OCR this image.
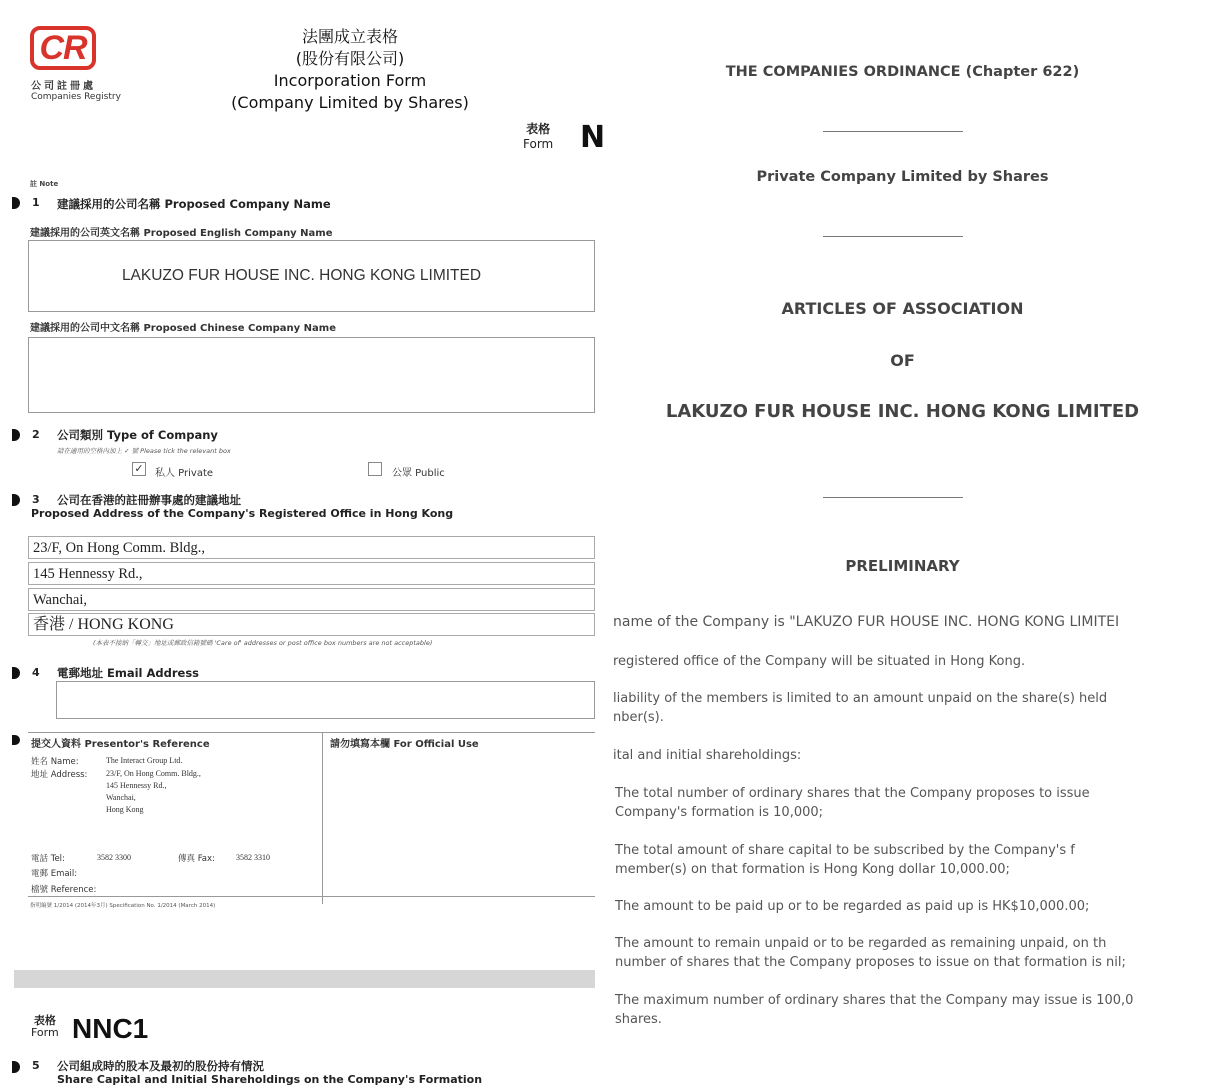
CR
公司註冊處
Companies Registry
法團成立表格
(股份有限公司)
Incorporation Form
(Company Limited by Shares)
表格
Form N
註 Note
1 建議採用的公司名稱 Proposed Company Name
建議採用的公司英文名稱 Proposed English Company Name
LAKUZO FUR HOUSE INC. HONG KONG LIMITED
建議採用的公司中文名稱 Proposed Chinese Company Name
2 公司類別 Type of Company
請在適用的空格內加上 ✓ 號 Please tick the relevant box
✓ 私人 Private	公眾 Public
3 公司在香港的註冊辦事處的建議地址
Proposed Address of the Company's Registered Office in Hong Kong
23/F, On Hong Comm. Bldg.,
145 Hennessy Rd.,
Wanchai,
香港 / HONG KONG
(本表不接納「轉交」地址或郵政信箱號碼 'Care of' addresses or post office box numbers are not acceptable)
4 電郵地址 Email Address
提交人資料 Presentor's Reference	請勿填寫本欄 For Official Use
姓名 Name:	The Interact Group Ltd.
地址 Address: 23/F, On Hong Comm. Bldg.,
145 Hennessy Rd.,
Wanchai,
Hong Kong
電話 Tel:	3582 3300	傳真 Fax:	3582 3310
電郵 Email:
檔號 Reference:
指明編號 1/2014 (2014年3月) Specification No. 1/2014 (March 2014)
表格
Form NNC1
5 公司組成時的股本及最初的股份持有情況
Share Capital and Initial Shareholdings on the Company's Formation
THE COMPANIES ORDINANCE (Chapter 622)
Private Company Limited by Shares
ARTICLES OF ASSOCIATION
OF
LAKUZO FUR HOUSE INC. HONG KONG LIMITED
PRELIMINARY
name of the Company is "LAKUZO FUR HOUSE INC. HONG KONG LIMITEI
registered office of the Company will be situated in Hong Kong.
liability of the members is limited to an amount unpaid on the share(s) held
nber(s).
ital and initial shareholdings:
The total number of ordinary shares that the Company proposes to issue
Company's formation is 10,000;
The total amount of share capital to be subscribed by the Company's f
member(s) on that formation is Hong Kong dollar 10,000.00;
The amount to be paid up or to be regarded as paid up is HK$10,000.00;
The amount to remain unpaid or to be regarded as remaining unpaid, on th
number of shares that the Company proposes to issue on that formation is nil;
The maximum number of ordinary shares that the Company may issue is 100,0
shares.
